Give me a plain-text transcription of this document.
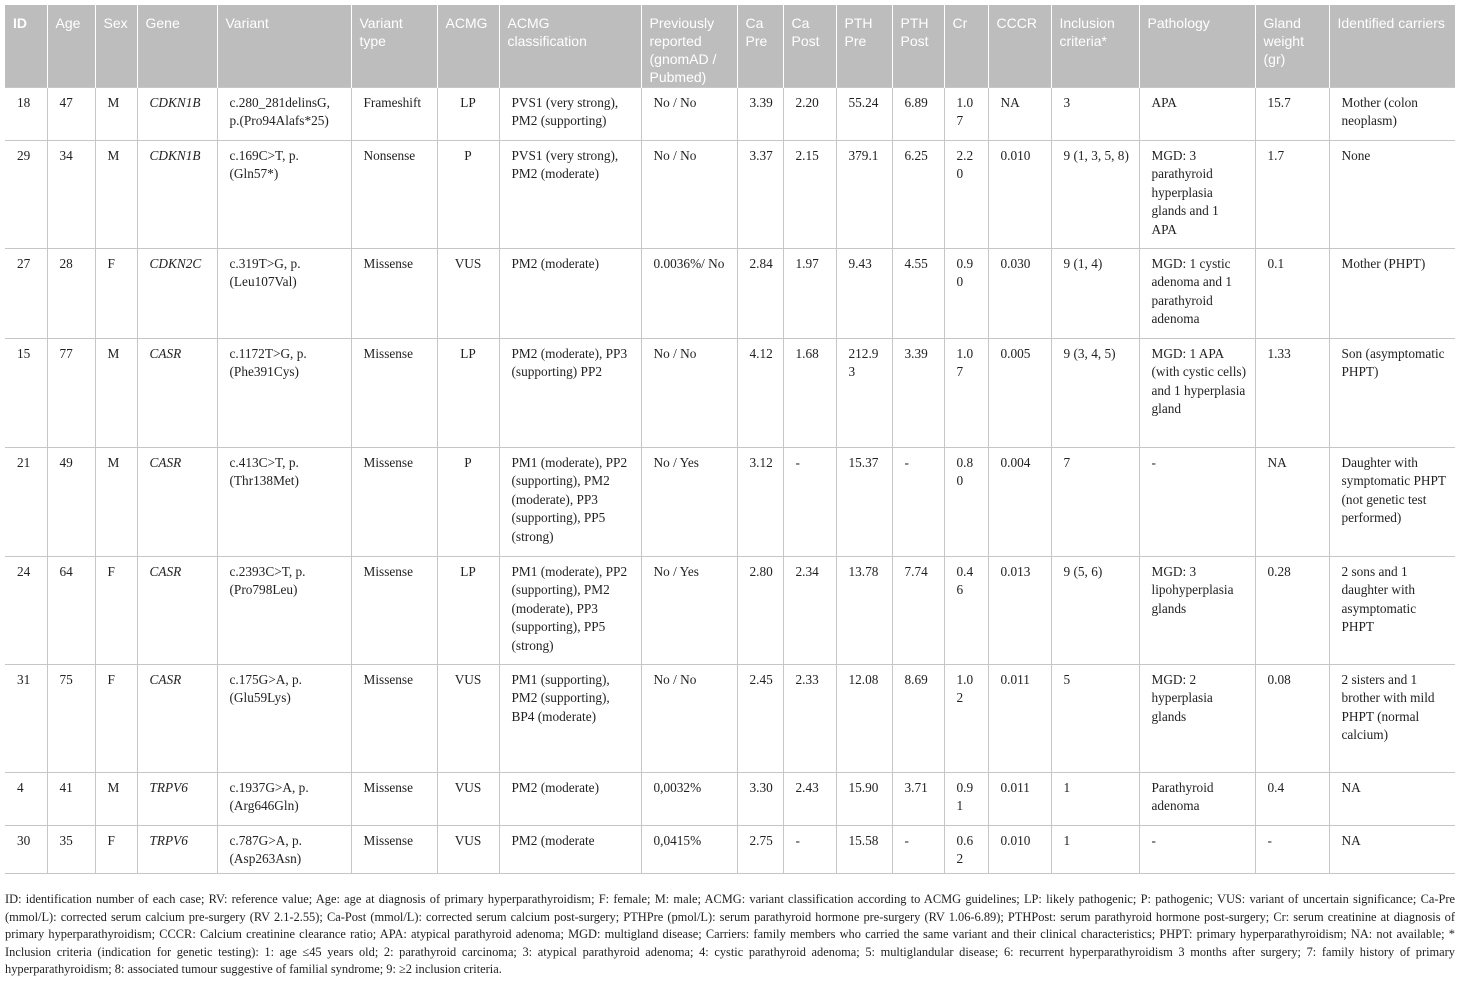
ID	Age	Sex	Gene	Variant	Variant type	ACMG	ACMG classification	Previously reported (gnomAD / Pubmed)	Ca Pre	Ca Post	PTH Pre	PTH Post	Cr	CCCR	Inclusion criteria*	Pathology	Gland weight (gr)	Identified carriers
18	47	M	CDKN1B	c.280_281delinsG, p.(Pro94Alafs*25)	Frameshift	LP	PVS1 (very strong), PM2 (supporting)	No / No	3.39	2.20	55.24	6.89	1.07	NA	3	APA	15.7	Mother (colon neoplasm)
29	34	M	CDKN1B	c.169C>T, p.(Gln57*)	Nonsense	P	PVS1 (very strong), PM2 (moderate)	No / No	3.37	2.15	379.1	6.25	2.20	0.010	9 (1, 3, 5, 8)	MGD: 3 parathyroid hyperplasia glands and 1 APA	1.7	None
27	28	F	CDKN2C	c.319T>G, p.(Leu107Val)	Missense	VUS	PM2 (moderate)	0.0036%/ No	2.84	1.97	9.43	4.55	0.90	0.030	9 (1, 4)	MGD: 1 cystic adenoma and 1 parathyroid adenoma	0.1	Mother (PHPT)
15	77	M	CASR	c.1172T>G, p.(Phe391Cys)	Missense	LP	PM2 (moderate), PP3 (supporting) PP2	No / No	4.12	1.68	212.93	3.39	1.07	0.005	9 (3, 4, 5)	MGD: 1 APA (with cystic cells) and 1 hyperplasia gland	1.33	Son (asymptomatic PHPT)
21	49	M	CASR	c.413C>T, p.(Thr138Met)	Missense	P	PM1 (moderate), PP2 (supporting), PM2 (moderate), PP3 (supporting), PP5 (strong)	No / Yes	3.12	-	15.37	-	0.80	0.004	7	-	NA	Daughter with symptomatic PHPT (not genetic test performed)
24	64	F	CASR	c.2393C>T, p.(Pro798Leu)	Missense	LP	PM1 (moderate), PP2 (supporting), PM2 (moderate), PP3 (supporting), PP5 (strong)	No / Yes	2.80	2.34	13.78	7.74	0.46	0.013	9 (5, 6)	MGD: 3 lipohyperplasia glands	0.28	2 sons and 1 daughter with asymptomatic PHPT
31	75	F	CASR	c.175G>A, p.(Glu59Lys)	Missense	VUS	PM1 (supporting), PM2 (supporting), BP4 (moderate)	No / No	2.45	2.33	12.08	8.69	1.02	0.011	5	MGD: 2 hyperplasia glands	0.08	2 sisters and 1 brother with mild PHPT (normal calcium)
4	41	M	TRPV6	c.1937G>A, p.(Arg646Gln)	Missense	VUS	PM2 (moderate)	0,0032%	3.30	2.43	15.90	3.71	0.91	0.011	1	Parathyroid adenoma	0.4	NA
30	35	F	TRPV6	c.787G>A, p.(Asp263Asn)	Missense	VUS	PM2 (moderate	0,0415%	2.75	-	15.58	-	0.62	0.010	1	-	-	NA
ID: identification number of each case; RV: reference value; Age: age at diagnosis of primary hyperparathyroidism; F: female; M: male; ACMG: variant classification according to ACMG guidelines; LP: likely pathogenic; P: pathogenic; VUS: variant of uncertain significance; Ca-Pre (mmol/L): corrected serum calcium pre-surgery (RV 2.1-2.55); Ca-Post (mmol/L): corrected serum calcium post-surgery; PTHPre (pmol/L): serum parathyroid hormone pre-surgery (RV 1.06-6.89); PTHPost: serum parathyroid hormone post-surgery; Cr: serum creatinine at diagnosis of primary hyperparathyroidism; CCCR: Calcium creatinine clearance ratio; APA: atypical parathyroid adenoma; MGD: multigland disease; Carriers: family members who carried the same variant and their clinical characteristics; PHPT: primary hyperparathyroidism; NA: not available; * Inclusion criteria (indication for genetic testing): 1: age ≤45 years old; 2: parathyroid carcinoma; 3: atypical parathyroid adenoma; 4: cystic parathyroid adenoma; 5: multiglandular disease; 6: recurrent hyperparathyroidism 3 months after surgery; 7: family history of primary hyperparathyroidism; 8: associated tumour suggestive of familial syndrome; 9: ≥2 inclusion criteria.
